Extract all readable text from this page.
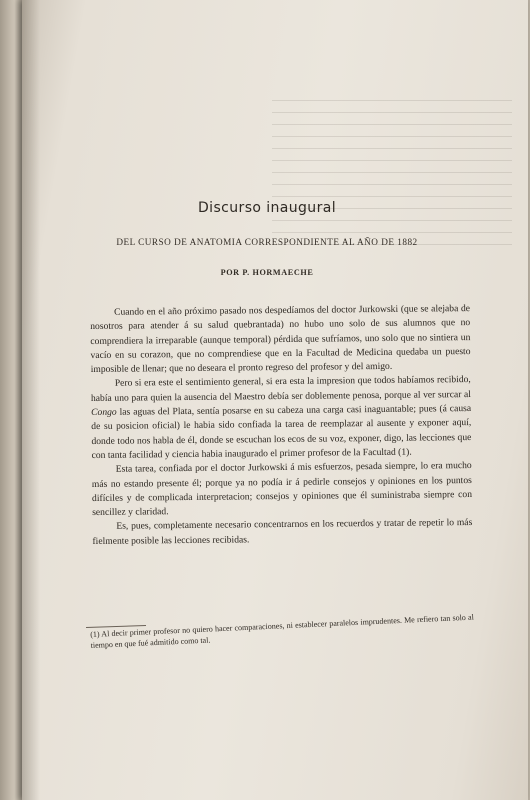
Discurso inaugural
DEL CURSO DE ANATOMIA CORRESPONDIENTE AL AÑO DE 1882
POR P. HORMAECHE

Cuando en el año próximo pasado nos despedíamos del doctor Jurkowski (que se alejaba de nosotros para atender á su salud quebrantada) no hubo uno solo de sus alumnos que no comprendiera la irreparable (aunque temporal) pérdida que sufríamos, uno solo que no sintiera un vacío en su corazon, que no comprendiese que en la Facultad de Medicina quedaba un puesto imposible de llenar; que no desearа el pronto regreso del profesor y del amigo.

Pero si era este el sentimiento general, si era esta la impresion que todos habíamos recibido, había uno para quien la ausencia del Maestro debía ser doblemente penosa, porque al ver surcar al Congo las aguas del Plata, sentía posarse en su cabeza una carga casi inaguantable; pues (á causa de su posicion oficial) le habia sido confiada la tarea de reemplazar al ausente y exponer aquí, donde todo nos habla de él, donde se escuchan los ecos de su voz, exponer, digo, las lecciones que con tanta facilidad y ciencia habia inaugurado el primer profesor de la Facultad (1).

Esta tarea, confiada por el doctor Jurkowski á mis esfuerzos, pesada siempre, lo era mucho más no estando presente él; porque ya no podía ir á pedirle consejos y opiniones en los puntos difíciles y de complicada interpretacion; consejos y opiniones que él suministraba siempre con sencillez y claridad.

Es, pues, completamente necesario concentrarnos en los recuerdos y tratar de repetir lo más fielmente posible las lecciones recibidas.

(1) Al decir primer profesor no quiero hacer comparaciones, ni establecer paralelos imprudentes. Me refiero tan solo al tiempo en que fué admitido como tal.
